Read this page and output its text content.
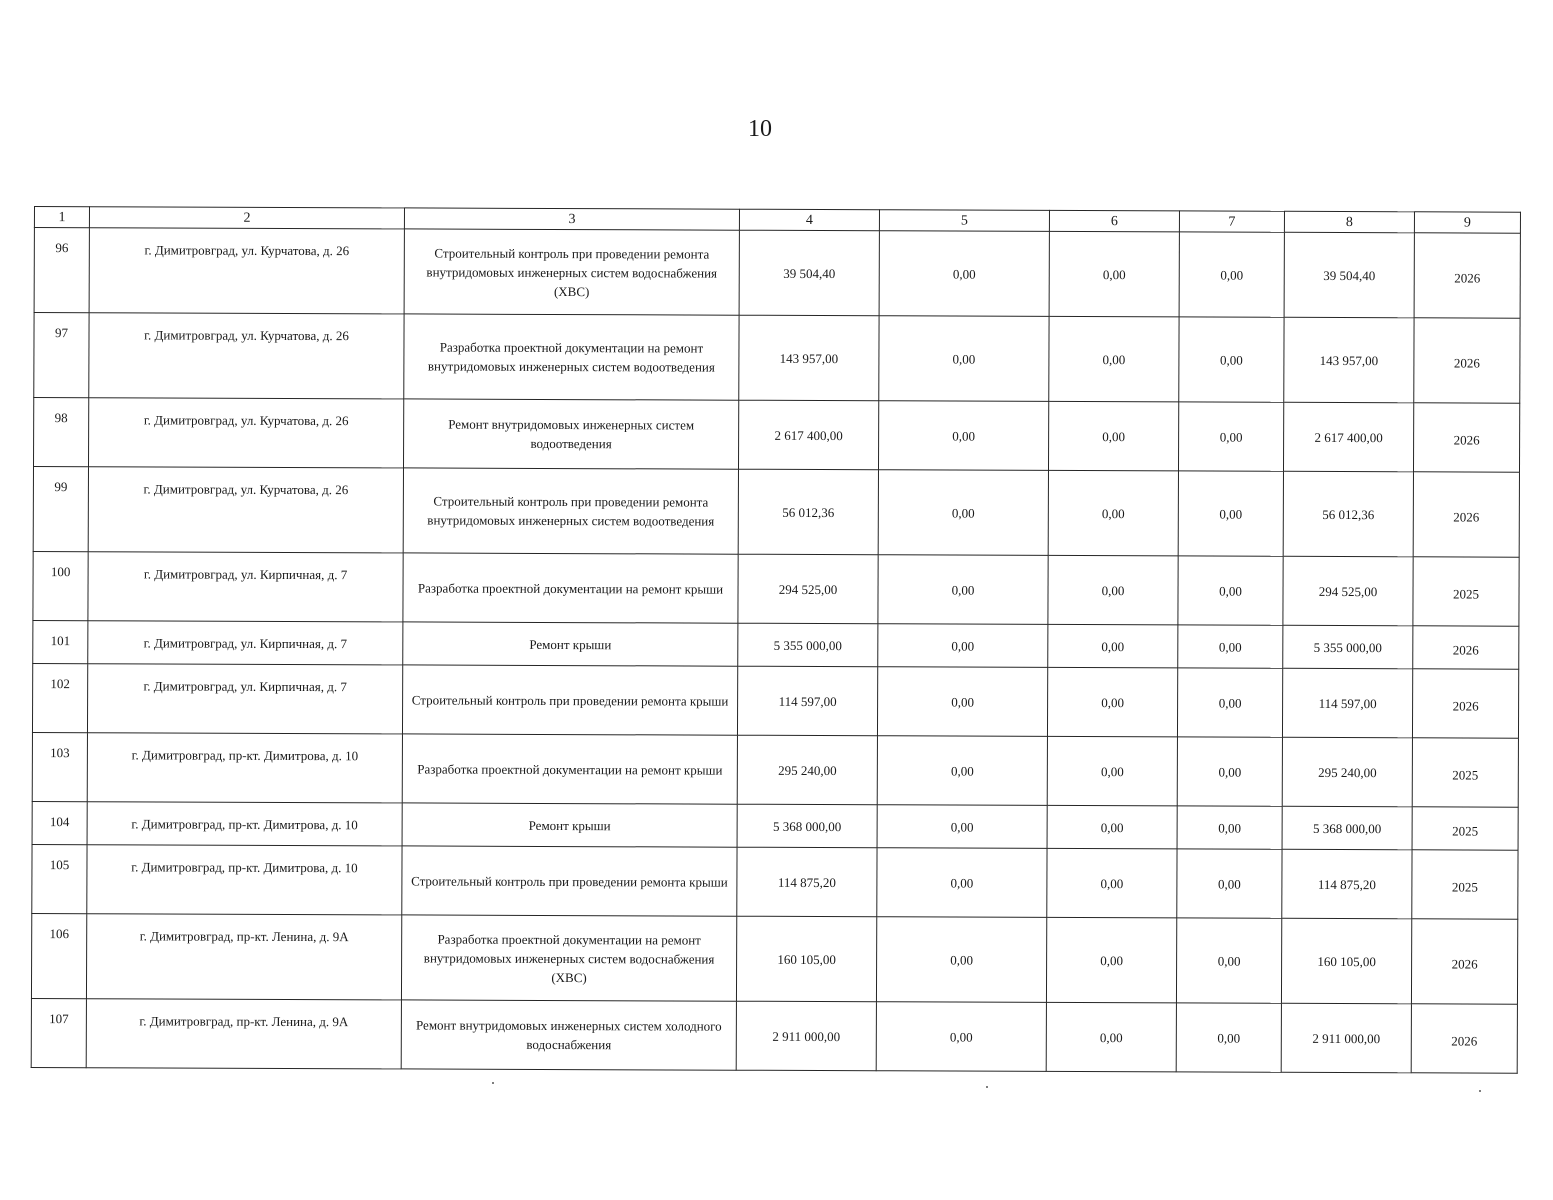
10
1	2	3	4	5	6	7	8	9
96	г. Димитровград, ул. Курчатова, д. 26	Строительный контроль при проведении ремонта внутридомовых инженерных систем водоснабжения (ХВС)	39 504,40	0,00	0,00	0,00	39 504,40	2026
97	г. Димитровград, ул. Курчатова, д. 26	Разработка проектной документации на ремонт внутридомовых инженерных систем водоотведения	143 957,00	0,00	0,00	0,00	143 957,00	2026
98	г. Димитровград, ул. Курчатова, д. 26	Ремонт внутридомовых инженерных систем водоотведения	2 617 400,00	0,00	0,00	0,00	2 617 400,00	2026
99	г. Димитровград, ул. Курчатова, д. 26	Строительный контроль при проведении ремонта внутридомовых инженерных систем водоотведения	56 012,36	0,00	0,00	0,00	56 012,36	2026
100	г. Димитровград, ул. Кирпичная, д. 7	Разработка проектной документации на ремонт крыши	294 525,00	0,00	0,00	0,00	294 525,00	2025
101	г. Димитровград, ул. Кирпичная, д. 7	Ремонт крыши	5 355 000,00	0,00	0,00	0,00	5 355 000,00	2026
102	г. Димитровград, ул. Кирпичная, д. 7	Строительный контроль при проведении ремонта крыши	114 597,00	0,00	0,00	0,00	114 597,00	2026
103	г. Димитровград, пр-кт. Димитрова, д. 10	Разработка проектной документации на ремонт крыши	295 240,00	0,00	0,00	0,00	295 240,00	2025
104	г. Димитровград, пр-кт. Димитрова, д. 10	Ремонт крыши	5 368 000,00	0,00	0,00	0,00	5 368 000,00	2025
105	г. Димитровград, пр-кт. Димитрова, д. 10	Строительный контроль при проведении ремонта крыши	114 875,20	0,00	0,00	0,00	114 875,20	2025
106	г. Димитровград, пр-кт. Ленина, д. 9А	Разработка проектной документации на ремонт внутридомовых инженерных систем водоснабжения (ХВС)	160 105,00	0,00	0,00	0,00	160 105,00	2026
107	г. Димитровград, пр-кт. Ленина, д. 9А	Ремонт внутридомовых инженерных систем холодного водоснабжения	2 911 000,00	0,00	0,00	0,00	2 911 000,00	2026
